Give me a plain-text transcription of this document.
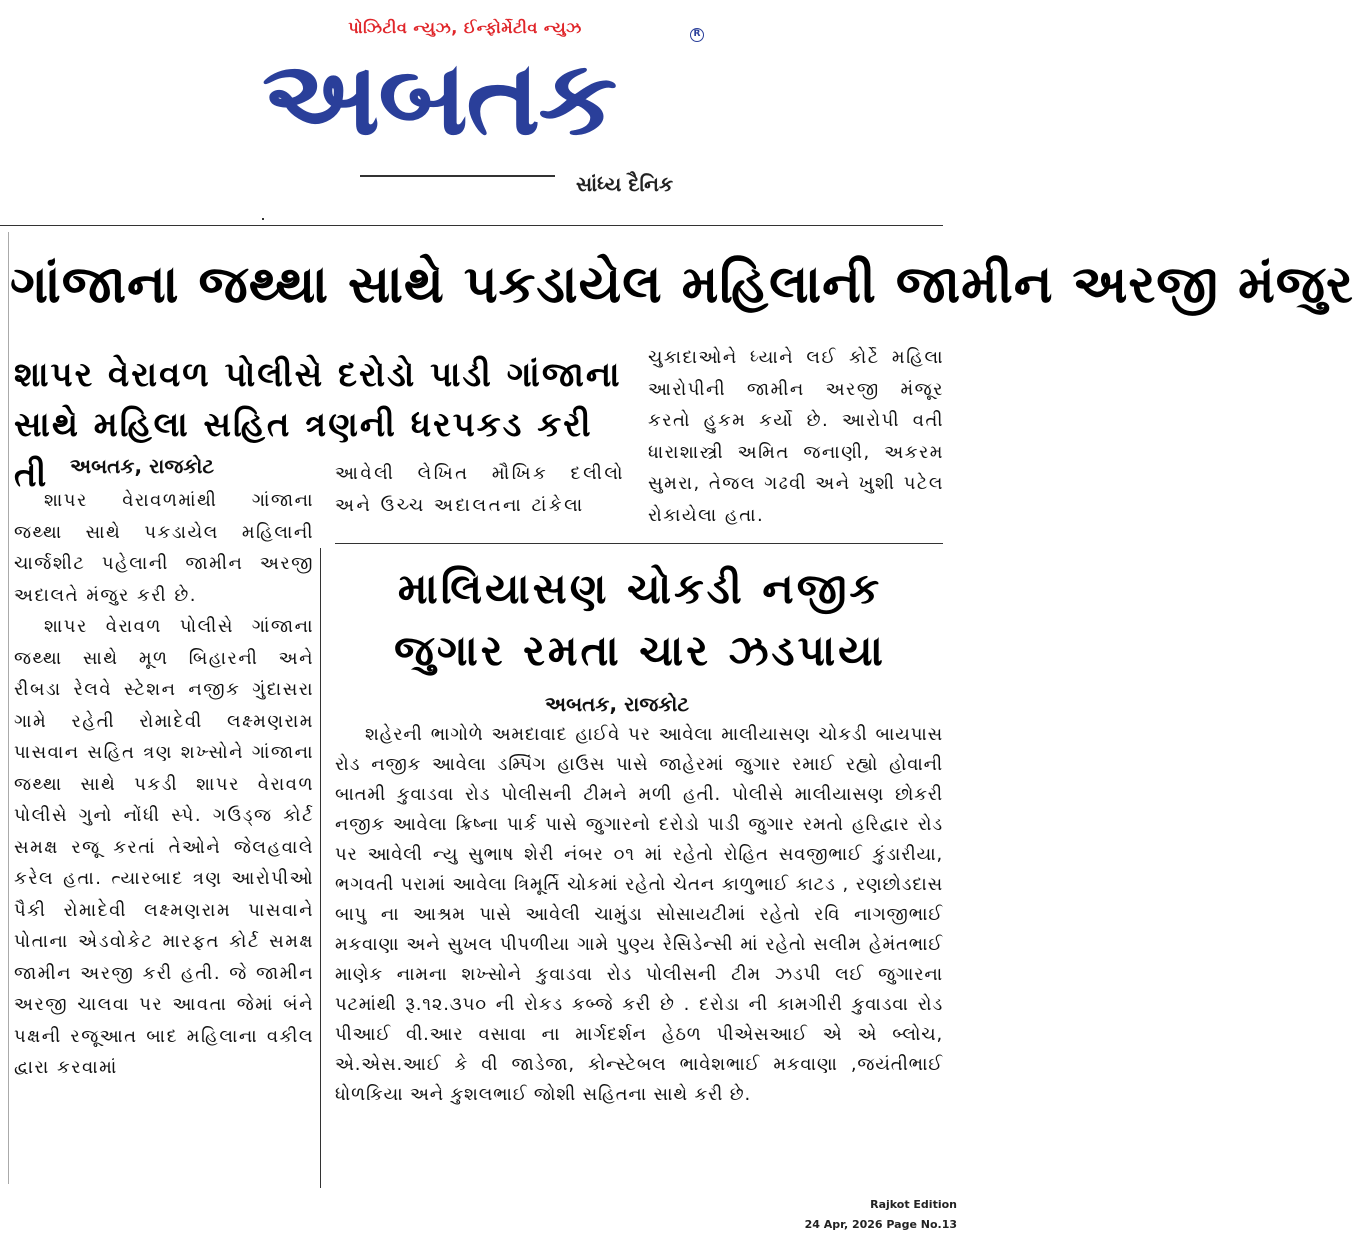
પોઝિટીવ ન્યુઝ, ઈન્ફોર્મેટીવ ન્યુઝ
અબતક
R
સાંધ્ય દૈનિક
ગાંજાના જથ્થા સાથે પકડાયેલ મહિલાની જામીન અરજી મંજુર
શાપર વેરાવળ પોલીસે દરોડો પાડી ગાંજાના સાથે મહિલા સહિત ત્રણની ધરપકડ કરી તી	અબતક, રાજકોટ

શાપર વેરાવળમાંથી ગાંજાના જથ્થા સાથે પકડાયેલ મહિલાની ચાર્જશીટ પહેલાની જામીન અરજી અદાલતે મંજુર કરી છે.

શાપર વેરાવળ પોલીસે ગાંજાના જથ્થા સાથે મૂળ બિહારની અને રીબડા રેલવે સ્ટેશન નજીક ગુંદાસરા ગામે રહેતી રોમાદેવી લક્ષ્મણરામ પાસવાન સહિત ત્રણ શખ્સોને ગાંજાના જથ્થા સાથે પકડી શાપર વેરાવળ પોલીસે ગુનો નોંધી સ્પે. ગઉડ્જ કોર્ટ સમક્ષ રજૂ કરતાં તેઓને જેલહવાલે કરેલ હતા. ત્યારબાદ ત્રણ આરોપીઓ પૈકી રોમાદેવી લક્ષ્મણરામ પાસવાને પોતાના એડવોકેટ મારફત કોર્ટ સમક્ષ જામીન અરજી કરી હતી. જે જામીન અરજી ચાલવા પર આવતા જેમાં બંને પક્ષની રજૂઆત બાદ મહિલાના વકીલ દ્વારા કરવામાં

આવેલી લેખિત મૌખિક દલીલો અને ઉચ્ચ અદાલતના ટાંકેલા

ચુકાદાઓને ધ્યાને લઈ કોર્ટે મહિલા આરોપીની જામીન અરજી મંજૂર કરતો હુકમ કર્યો છે. આરોપી વતી ધારાશાસ્ત્રી અમિત જનાણી, અકરમ સુમરા, તેજલ ગઢવી અને ખુશી પટેલ રોકાયેલા હતા.

માલિયાસણ ચોકડી નજીક જુગાર રમતા ચાર ઝડપાયા
અબતક, રાજકોટ

શહેરની ભાગોળે અમદાવાદ હાઈવે પર આવેલા માલીયાસણ ચોકડી બાયપાસ રોડ નજીક આવેલા ડમ્પિંગ હાઉસ પાસે જાહેરમાં જુગાર રમાઈ રહ્યો હોવાની બાતમી કુવાડવા રોડ પોલીસની ટીમને મળી હતી. પોલીસે માલીયાસણ છોકરી નજીક આવેલા ક્રિષ્ના પાર્ક પાસે જુગારનો દરોડો પાડી જુગાર રમતો હરિદ્વાર રોડ પર આવેલી ન્યુ સુભાષ શેરી નંબર ૦૧ માં રહેતો રોહિત સવજીભાઈ કુંડારીયા, ભગવતી પરામાં આવેલા ત્રિમૂર્તિ ચોકમાં રહેતો ચેતન કાળુભાઈ કાટડ , રણછોડદાસ બાપુ ના આશ્રમ પાસે આવેલી ચામુંડા સોસાયટીમાં રહેતો રવિ નાગજીભાઈ મકવાણા અને સુખલ પીપળીયા ગામે પુણ્ય રેસિડેન્સી માં રહેતો સલીમ હેમંતભાઈ માણેક નામના શખ્સોને કુવાડવા રોડ પોલીસની ટીમ ઝડપી લઈ જુગારના પટમાંથી રૂ.૧૨.૩૫૦ ની રોકડ કબ્જે કરી છે . દરોડા ની કામગીરી કુવાડવા રોડ પીઆઈ વી.આર વસાવા ના માર્ગદર્શન હેઠળ પીએસઆઈ એ એ બ્લોચ, એ.એસ.આઈ કે વી જાડેજા, કોન્સ્ટેબલ ભાવેશભાઈ મકવાણા ,જયંતીભાઈ ધોળકિયા અને કુશલભાઈ જોશી સહિતના સાથે કરી છે.

Rajkot Edition
24 Apr, 2026 Page No.13
